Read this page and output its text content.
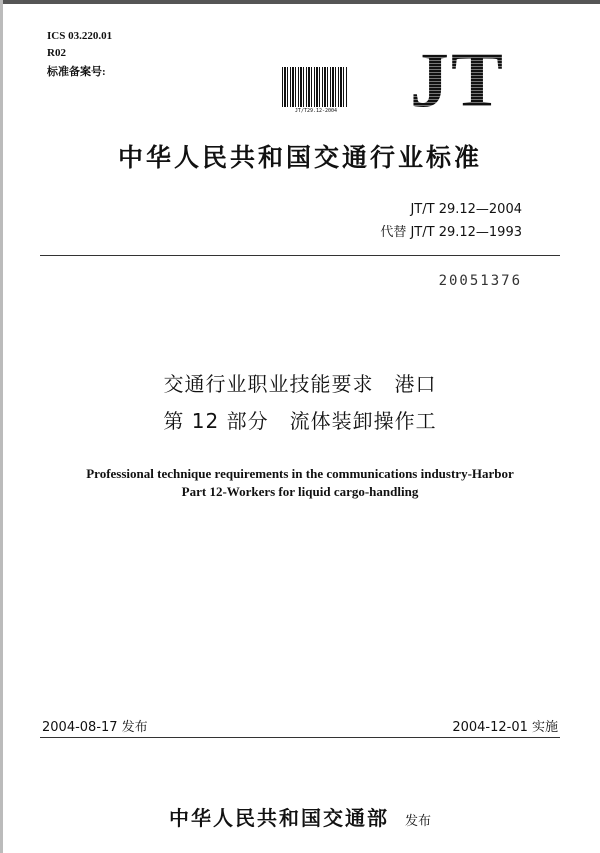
ICS 03.220.01
R02
标准备案号:
JT/T29.12-2004 JT
中华人民共和国交通行业标准
JT/T 29.12—2004
代替 JT/T 29.12—1993
20051376
交通行业职业技能要求　港口
第 12 部分　流体装卸操作工
Professional technique requirements in the communications industry-Harbor
Part 12-Workers for liquid cargo-handling
2004-08-17 发布	2004-12-01 实施
中华人民共和国交通部 发布
